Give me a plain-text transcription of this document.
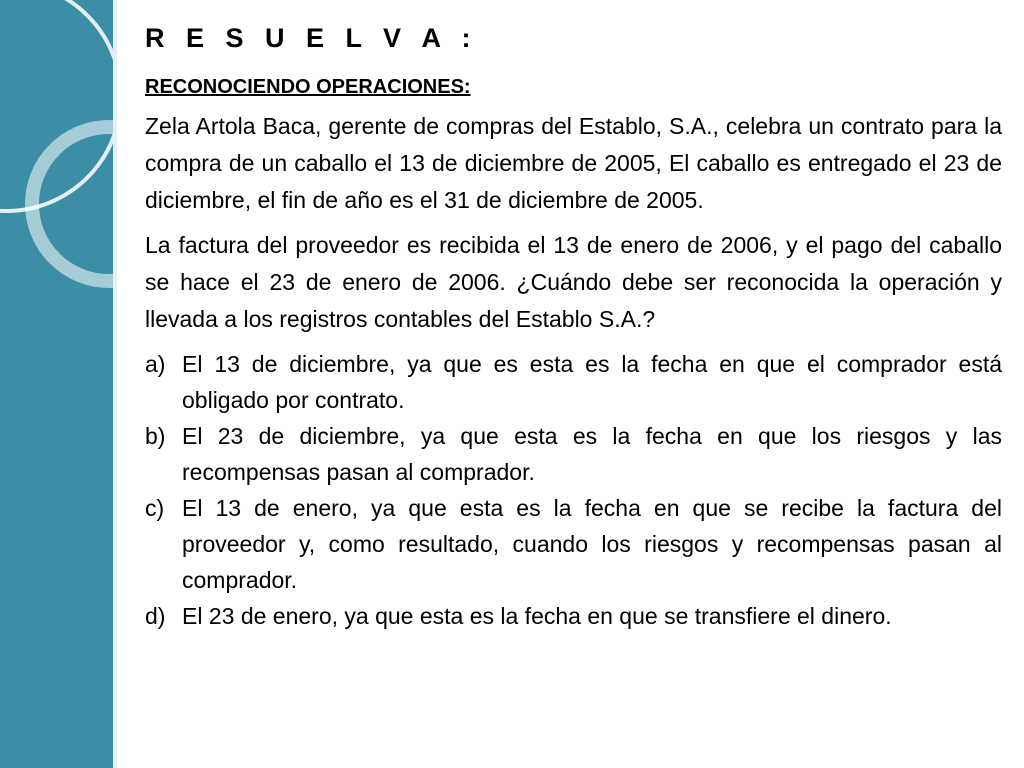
R E S U E L V A :
RECONOCIENDO OPERACIONES:

Zela Artola Baca, gerente de compras del Establo, S.A., celebra un contrato para la compra de un caballo el 13 de diciembre de 2005, El caballo es entregado el 23 de diciembre, el fin de año es el 31 de diciembre de 2005.

La factura del proveedor es recibida el 13 de enero de 2006, y el pago del caballo se hace el 23 de enero de 2006. ¿Cuándo debe ser reconocida la operación y llevada a los registros contables del Establo S.A.?

a) El 13 de diciembre, ya que es esta es la fecha en que el comprador está obligado por contrato.
b) El 23 de diciembre, ya que esta es la fecha en que los riesgos y las recompensas pasan al comprador.
c) El 13 de enero, ya que esta es la fecha en que se recibe la factura del proveedor y, como resultado, cuando los riesgos y recompensas pasan al comprador.
d) El 23 de enero, ya que esta es la fecha en que se transfiere el dinero.
